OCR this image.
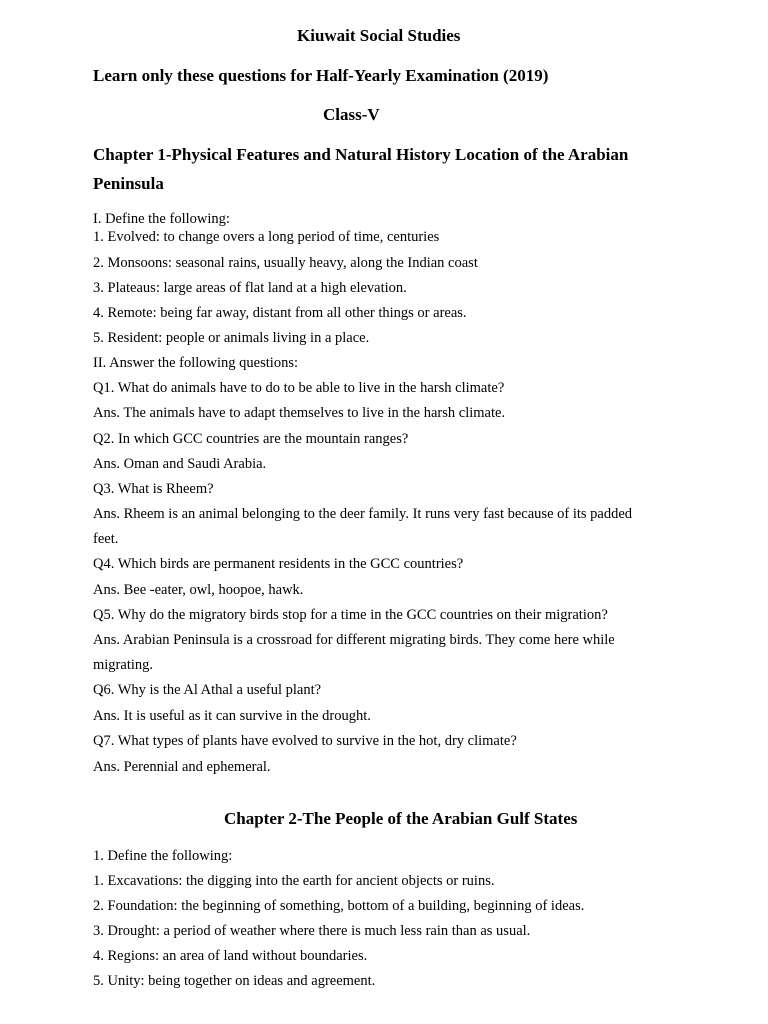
Kiuwait Social Studies
Learn only these questions for Half-Yearly Examination (2019)
Class-V
Chapter 1-Physical Features and Natural History Location of the Arabian
Peninsula
I. Define the following:
1. Evolved: to change overs a long period of time, centuries
2. Monsoons: seasonal rains, usually heavy, along the Indian coast
3. Plateaus: large areas of flat land at a high elevation.
4. Remote: being far away, distant from all other things or areas.
5. Resident: people or animals living in a place.
II. Answer the following questions:
Q1. What do animals have to do to be able to live in the harsh climate?
Ans. The animals have to adapt themselves to live in the harsh climate.
Q2. In which GCC countries are the mountain ranges?
Ans. Oman and Saudi Arabia.
Q3. What is Rheem?
Ans. Rheem is an animal belonging to the deer family. It runs very fast because of its padded
feet.
Q4. Which birds are permanent residents in the GCC countries?
Ans. Bee -eater, owl, hoopoe, hawk.
Q5. Why do the migratory birds stop for a time in the GCC countries on their migration?
Ans. Arabian Peninsula is a crossroad for different migrating birds. They come here while
migrating.
Q6. Why is the Al Athal a useful plant?
Ans. It is useful as it can survive in the drought.
Q7. What types of plants have evolved to survive in the hot, dry climate?
Ans. Perennial and ephemeral.
Chapter 2-The People of the Arabian Gulf States
1. Define the following:
1. Excavations: the digging into the earth for ancient objects or ruins.
2. Foundation: the beginning of something, bottom of a building, beginning of ideas.
3. Drought: a period of weather where there is much less rain than as usual.
4. Regions: an area of land without boundaries.
5. Unity: being together on ideas and agreement.
